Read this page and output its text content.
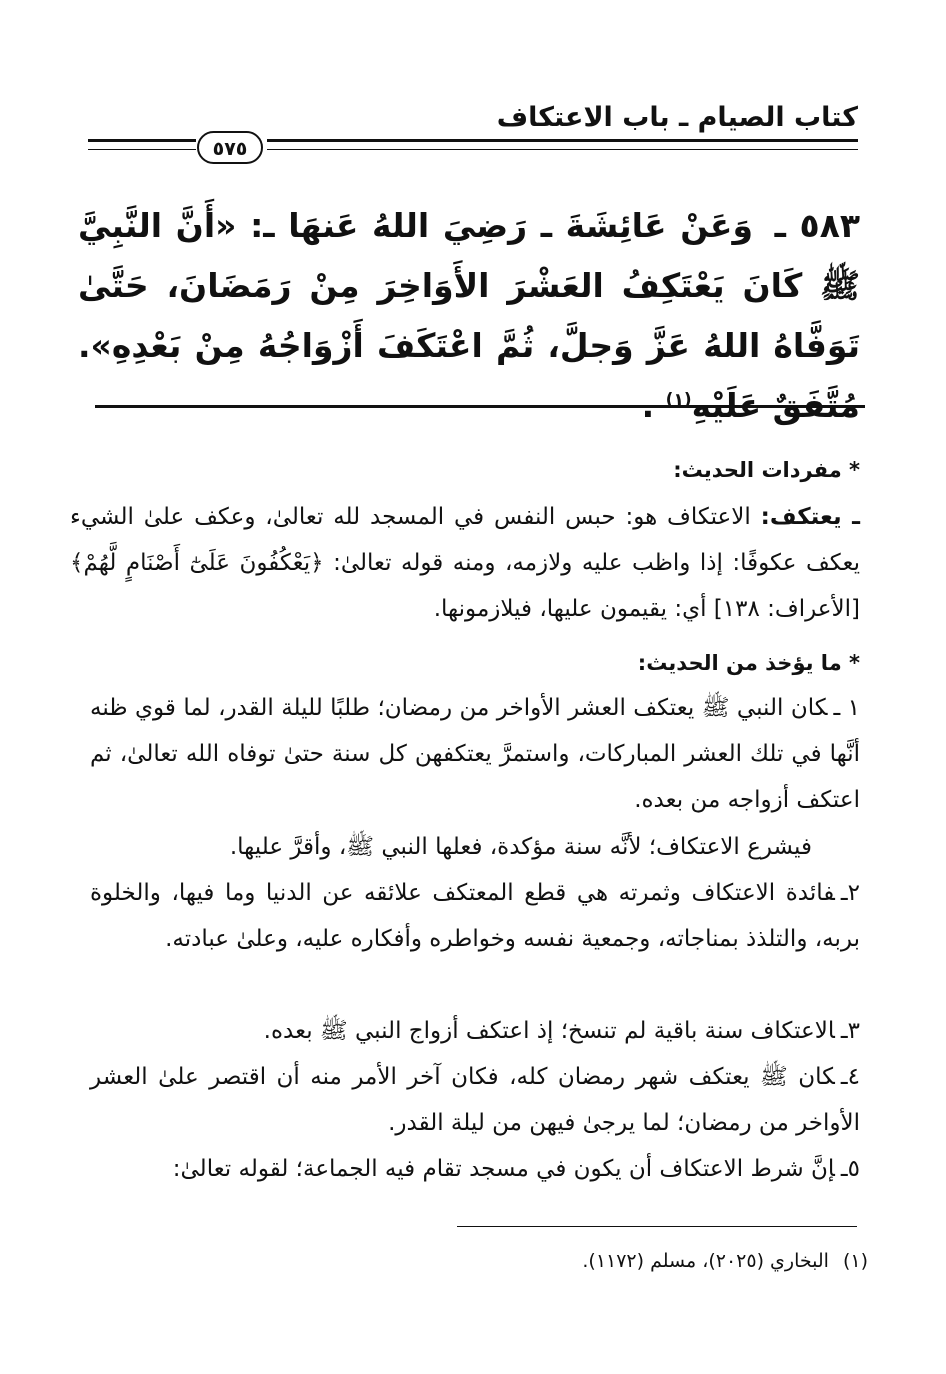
كتاب الصيام ـ باب الاعتكاف
٥٧٥

٥٨٣ ـ وَعَنْ عَائِشَةَ ـ رَضِيَ اللهُ عَنهَا ـ: «أَنَّ النَّبِيَّ ﷺ كَانَ يَعْتَكِفُ العَشْرَ الأَوَاخِرَ مِنْ رَمَضَانَ، حَتَّىٰ تَوَفَّاهُ اللهُ عَزَّ وَجلَّ، ثُمَّ اعْتَكَفَ أَزْوَاجُهُ مِنْ بَعْدِهِ». مُتَّفَقٌ عَلَيْهِ$^{(١)}$ .

* مفردات الحديث:

ـ يعتكف: الاعتكاف هو: حبس النفس في المسجد لله تعالىٰ، وعكف علىٰ الشيء يعكف عكوفًا: إذا واظب عليه ولازمه، ومنه قوله تعالىٰ: ﴿يَعْكُفُونَ عَلَىٰٓ أَصْنَامٍ لَّهُمْ﴾ [الأعراف: ١٣٨] أي: يقيمون عليها، فيلازمونها.

* ما يؤخذ من الحديث:

١ ـكان النبي ﷺ يعتكف العشر الأواخر من رمضان؛ طلبًا لليلة القدر، لما قوي ظنه أنَّها في تلك العشر المباركات، واستمرَّ يعتكفهن كل سنة حتىٰ توفاه الله تعالىٰ، ثم اعتكف أزواجه من بعده.

فيشرع الاعتكاف؛ لأنَّه سنة مؤكدة، فعلها النبي ﷺ، وأقرَّ عليها.

٢ـفائدة الاعتكاف وثمرته هي قطع المعتكف علائقه عن الدنيا وما فيها، والخلوة بربه، والتلذذ بمناجاته، وجمعية نفسه وخواطره وأفكاره عليه، وعلىٰ عبادته.

٣ـالاعتكاف سنة باقية لم تنسخ؛ إذ اعتكف أزواج النبي ﷺ بعده.

٤ـكان ﷺ يعتكف شهر رمضان كله، فكان آخر الأمر منه أن اقتصر علىٰ العشر الأواخر من رمضان؛ لما يرجىٰ فيهن من ليلة القدر.

٥ـإنَّ شرط الاعتكاف أن يكون في مسجد تقام فيه الجماعة؛ لقوله تعالىٰ:

(١)البخاري (٢٠٢٥)، مسلم (١١٧٢).
